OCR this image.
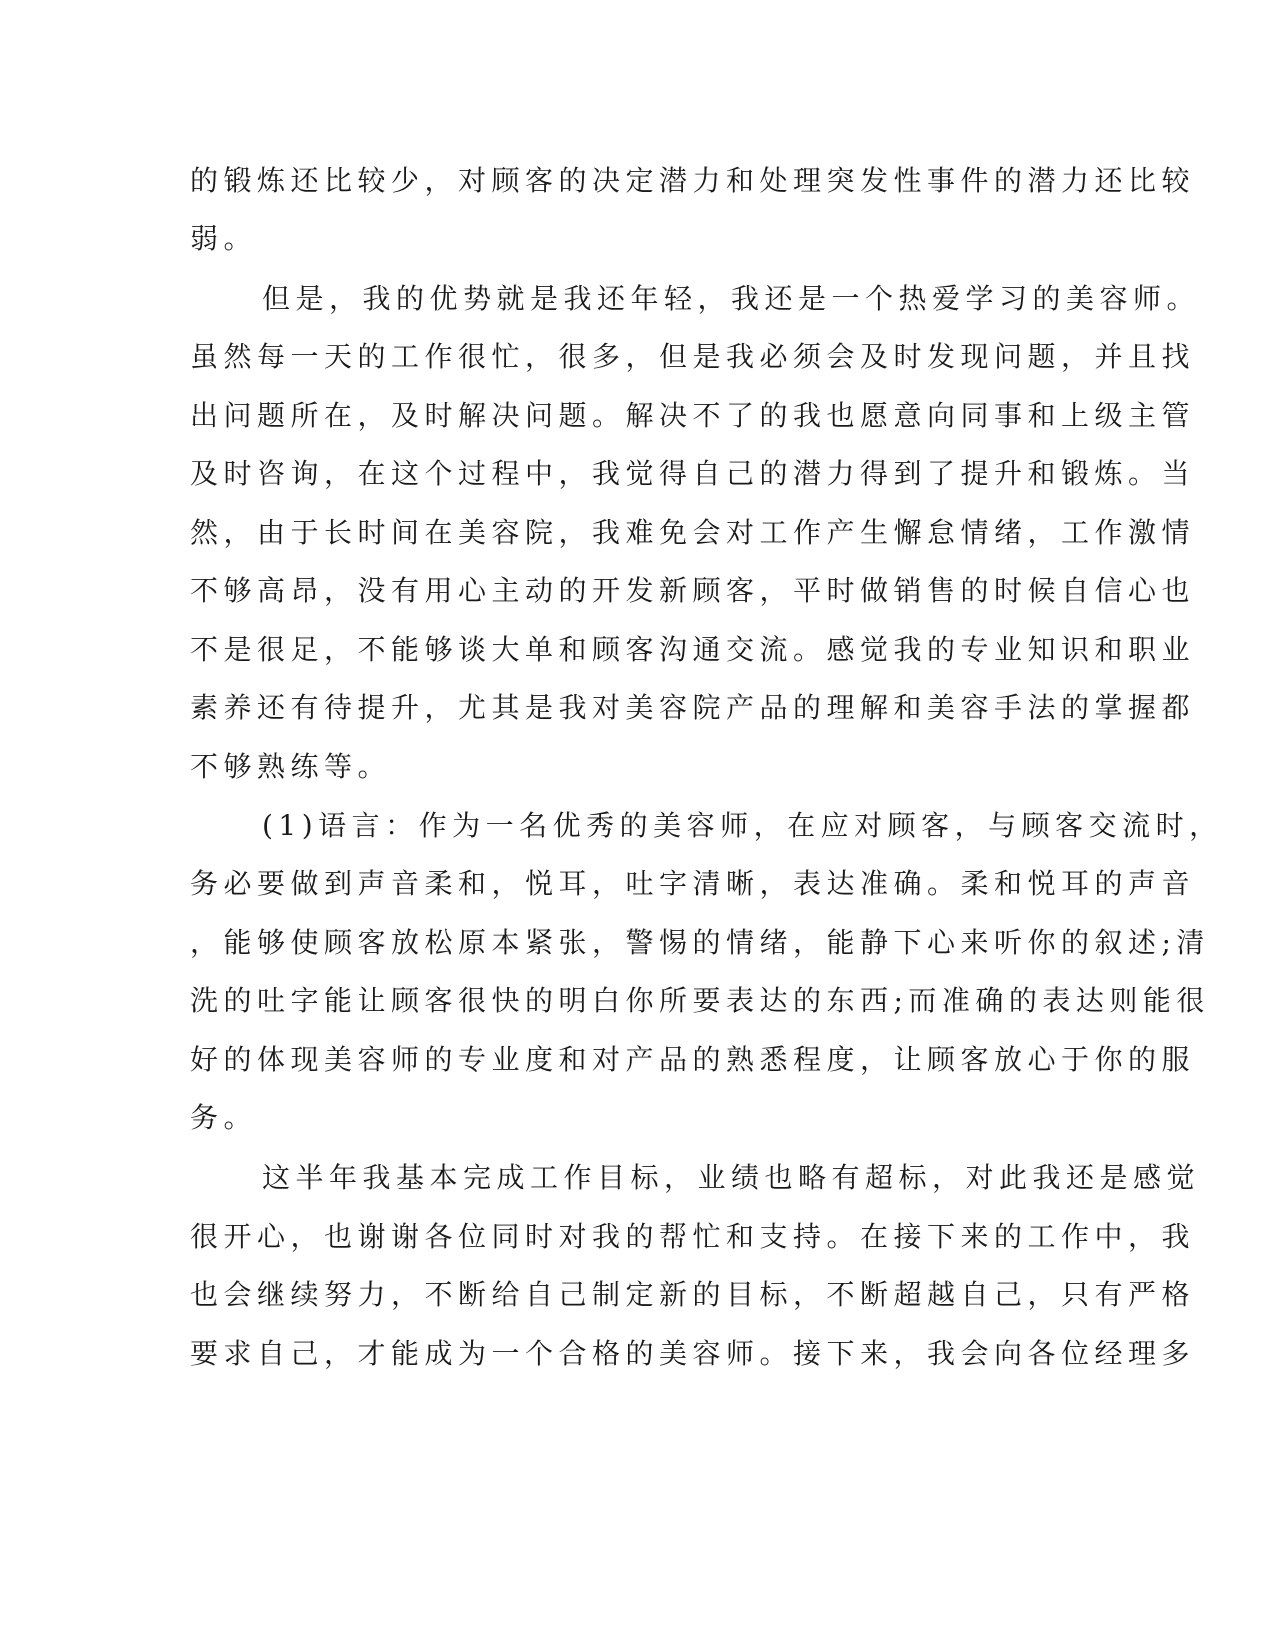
的锻炼还比较少，对顾客的决定潜力和处理突发性事件的潜力还比较
弱。
但是，我的优势就是我还年轻，我还是一个热爱学习的美容师。
虽然每一天的工作很忙，很多，但是我必须会及时发现问题，并且找
出问题所在，及时解决问题。解决不了的我也愿意向同事和上级主管
及时咨询，在这个过程中，我觉得自己的潜力得到了提升和锻炼。当
然，由于长时间在美容院，我难免会对工作产生懈怠情绪，工作激情
不够高昂，没有用心主动的开发新顾客，平时做销售的时候自信心也
不是很足，不能够谈大单和顾客沟通交流。感觉我的专业知识和职业
素养还有待提升，尤其是我对美容院产品的理解和美容手法的掌握都
不够熟练等。
(1)语言：作为一名优秀的美容师，在应对顾客，与顾客交流时，
务必要做到声音柔和，悦耳，吐字清晰，表达准确。柔和悦耳的声音
，能够使顾客放松原本紧张，警惕的情绪，能静下心来听你的叙述;清
洗的吐字能让顾客很快的明白你所要表达的东西;而准确的表达则能很
好的体现美容师的专业度和对产品的熟悉程度，让顾客放心于你的服
务。
这半年我基本完成工作目标，业绩也略有超标，对此我还是感觉
很开心，也谢谢各位同时对我的帮忙和支持。在接下来的工作中，我
也会继续努力，不断给自己制定新的目标，不断超越自己，只有严格
要求自己，才能成为一个合格的美容师。接下来，我会向各位经理多
